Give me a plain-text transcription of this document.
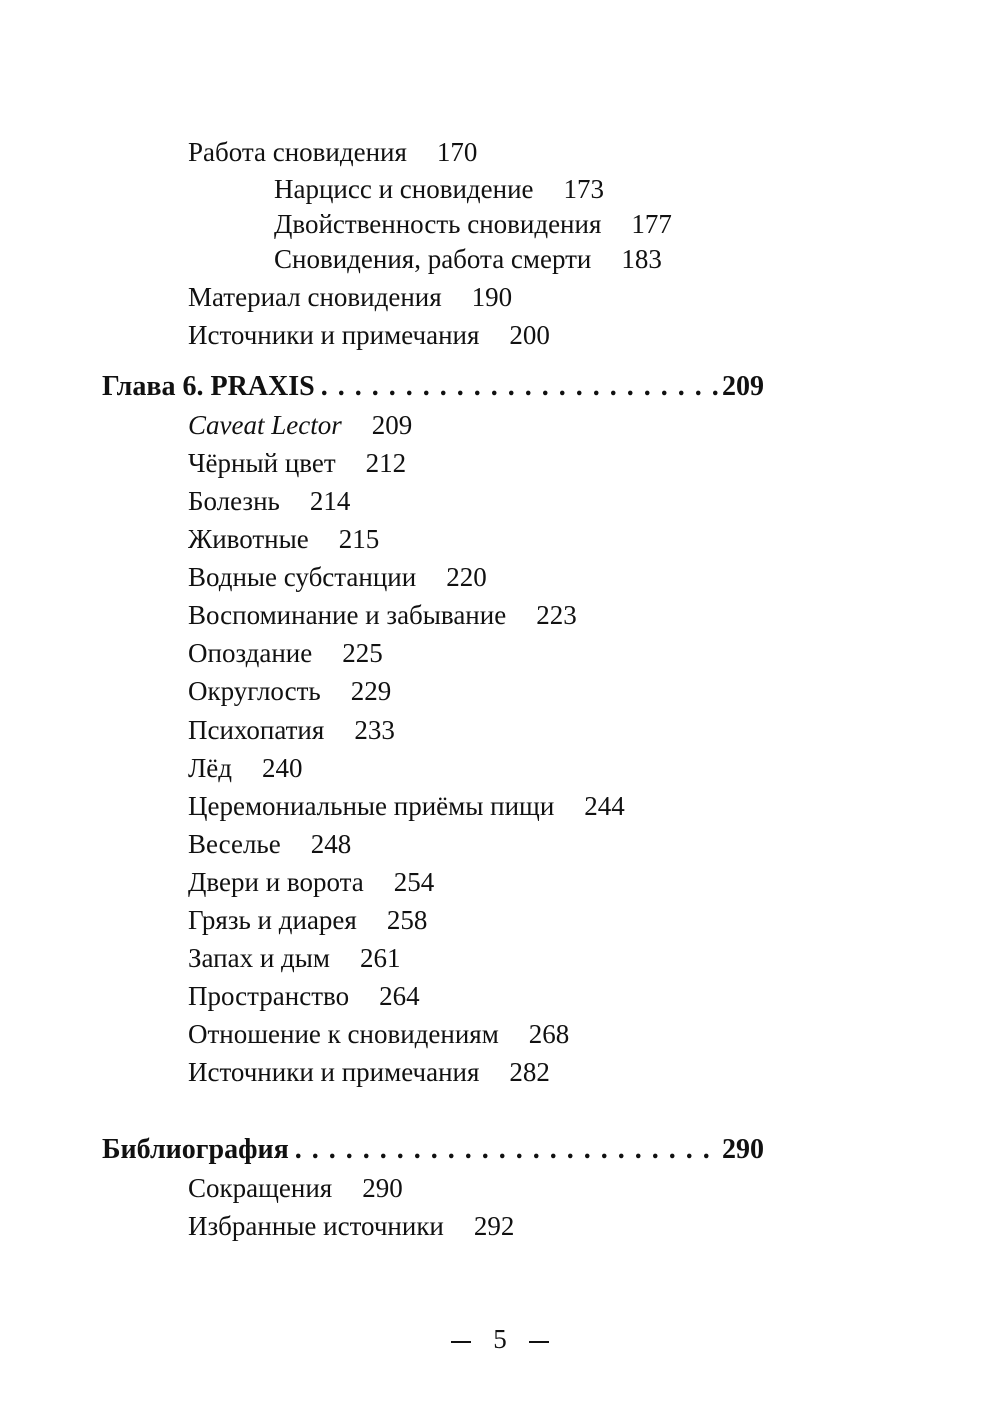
Работа сновидения 170
Нарцисс и сновидение 173
Двойственность сновидения 177
Сновидения, работа смерти 183
Материал сновидения 190
Источники и примечания 200
Глава 6. PRAXIS . . .	209
Caveat Lector 209
Чёрный цвет 212
Болезнь 214
Животные 215
Водные субстанции 220
Воспоминание и забывание 223
Опоздание 225
Округлость 229
Психопатия 233
Лёд 240
Церемониальные приёмы пищи 244
Веселье 248
Двери и ворота 254
Грязь и диарея 258
Запах и дым 261
Пространство 264
Отношение к сновидениям 268
Источники и примечания 282
Библиография . . .	290
Сокращения 290
Избранные источники 292
5
